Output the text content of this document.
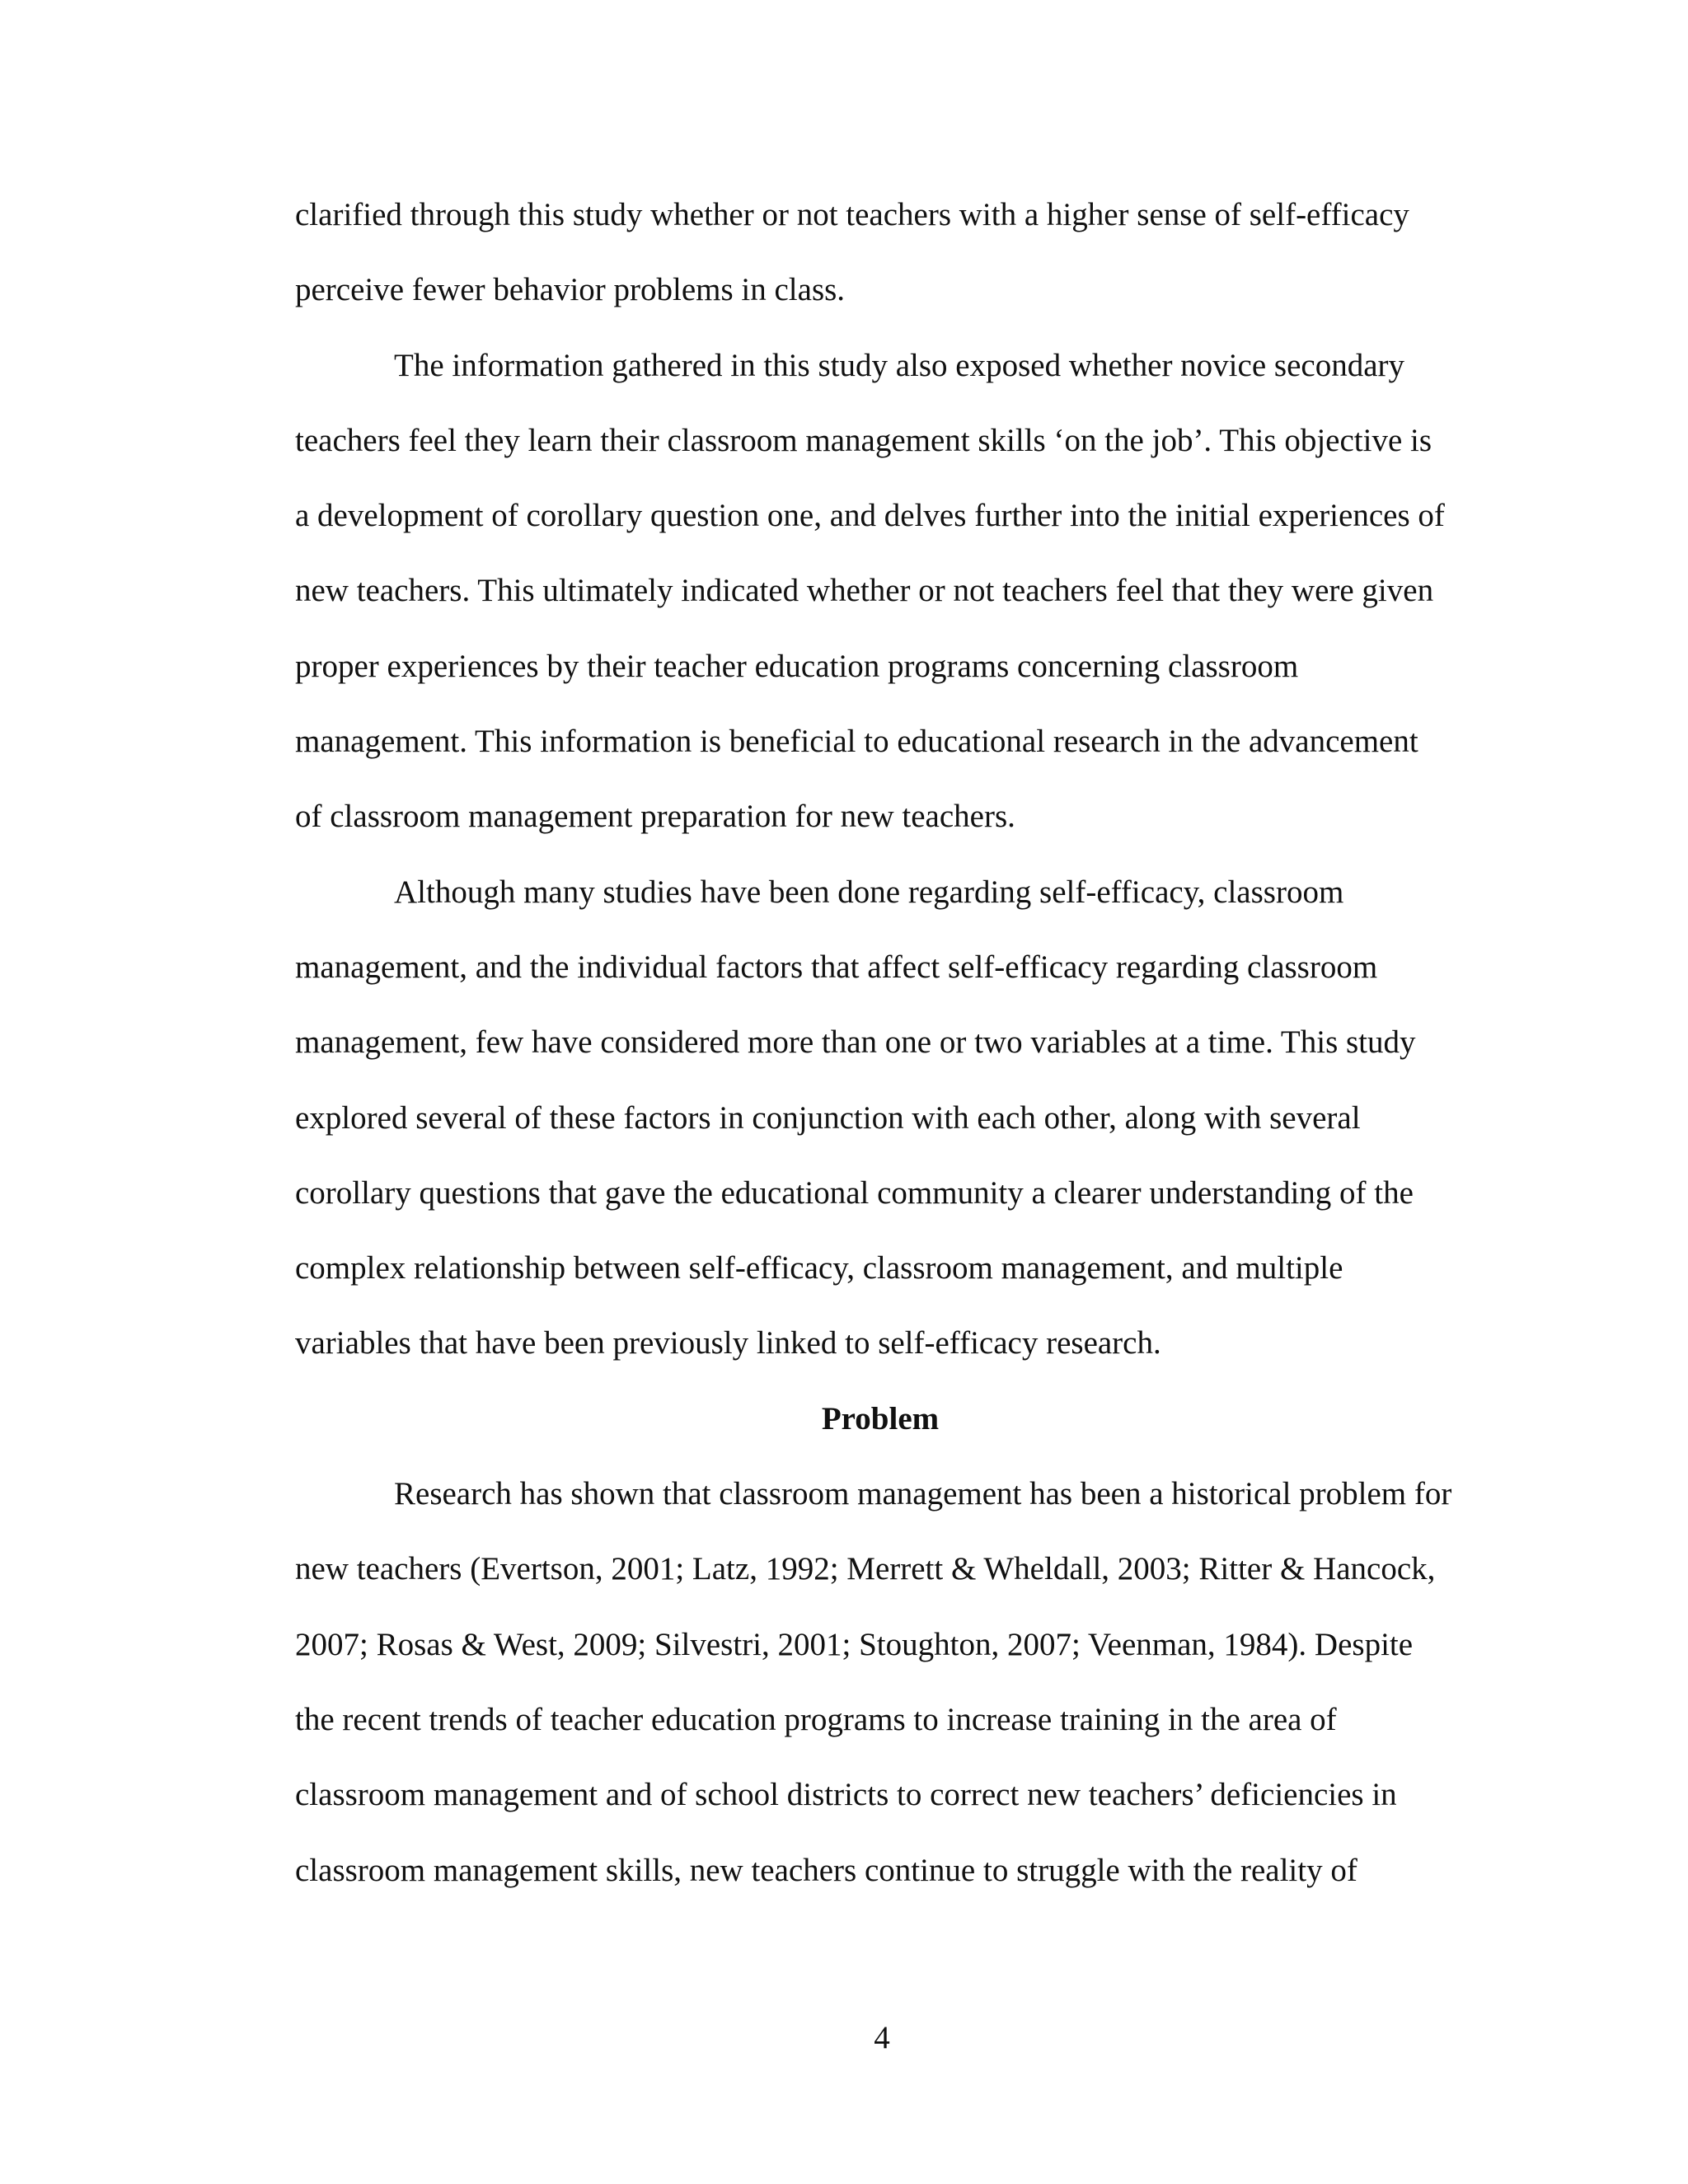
clarified through this study whether or not teachers with a higher sense of self-efficacy
perceive fewer behavior problems in class.
The information gathered in this study also exposed whether novice secondary
teachers feel they learn their classroom management skills ‘on the job’. This objective is
a development of corollary question one, and delves further into the initial experiences of
new teachers. This ultimately indicated whether or not teachers feel that they were given
proper experiences by their teacher education programs concerning classroom
management. This information is beneficial to educational research in the advancement
of classroom management preparation for new teachers.
Although many studies have been done regarding self-efficacy, classroom
management, and the individual factors that affect self-efficacy regarding classroom
management, few have considered more than one or two variables at a time. This study
explored several of these factors in conjunction with each other, along with several
corollary questions that gave the educational community a clearer understanding of the
complex relationship between self-efficacy, classroom management, and multiple
variables that have been previously linked to self-efficacy research.
Problem
Research has shown that classroom management has been a historical problem for
new teachers (Evertson, 2001; Latz, 1992; Merrett & Wheldall, 2003; Ritter & Hancock,
2007; Rosas & West, 2009; Silvestri, 2001; Stoughton, 2007; Veenman, 1984). Despite
the recent trends of teacher education programs to increase training in the area of
classroom management and of school districts to correct new teachers’ deficiencies in
classroom management skills, new teachers continue to struggle with the reality of
4
